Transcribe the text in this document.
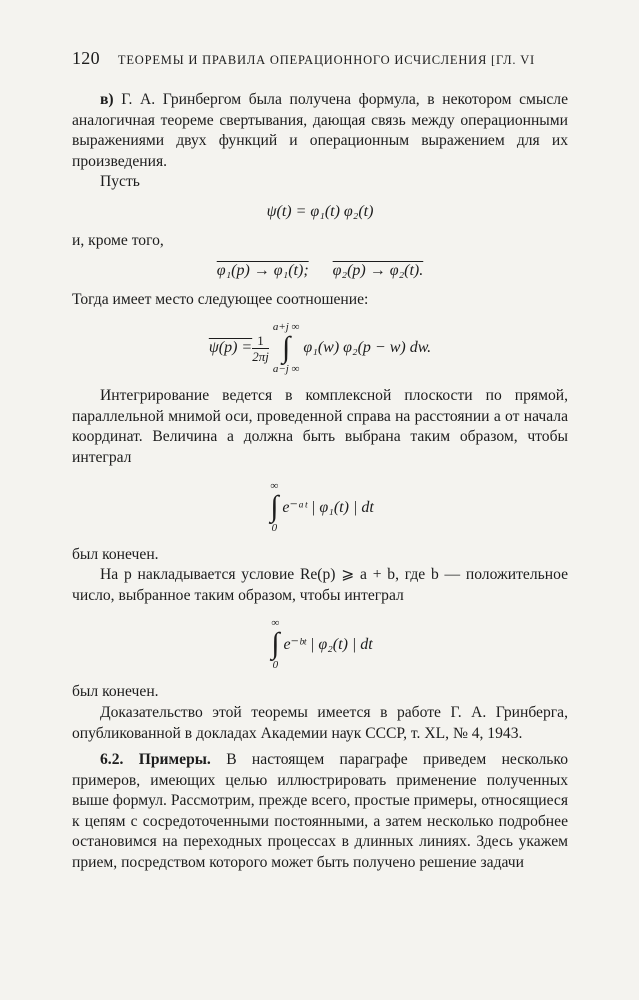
120 ТЕОРЕМЫ И ПРАВИЛА ОПЕРАЦИОННОГО ИСЧИСЛЕНИЯ [ГЛ. VI

в) Г. А. Гринбергом была получена формула, в некотором смысле аналогичная теореме свертывания, дающая связь между операционными выражениями двух функций и операционным выражением для их произведения.

Пусть

ψ(t) = φ₁(t) φ₂(t)

и, кроме того,

φ₁(p) → φ₁(t); φ₂(p) → φ₂(t).

Тогда имеет место следующее соотношение:

$\psi(p) = \frac{1}{2\pi j}$
a+j ∞
∫
a−j ∞
φ₁(w) φ₂(p − w) dw.

Интегрирование ведется в комплексной плоскости по прямой, параллельной мнимой оси, проведенной справа на расстоянии a от начала координат. Величина a должна быть выбрана таким образом, чтобы интеграл

∞
∫
0
e⁻ᵃᵗ | φ₁(t) | dt

был конечен.

На p накладывается условие Re(p) ⩾ a + b, где b — положительное число, выбранное таким образом, чтобы интеграл

∞
∫
0
e⁻ᵇᵗ | φ₂(t) | dt

был конечен.

Доказательство этой теоремы имеется в работе Г. А. Гринберга, опубликованной в докладах Академии наук СССР, т. XL, № 4, 1943.

6.2. Примеры. В настоящем параграфе приведем несколько примеров, имеющих целью иллюстрировать применение полученных выше формул. Рассмотрим, прежде всего, простые примеры, относящиеся к цепям с сосредоточенными постоянными, а затем несколько подробнее остановимся на переходных процессах в длинных линиях. Здесь укажем прием, посредством которого может быть получено решение задачи
